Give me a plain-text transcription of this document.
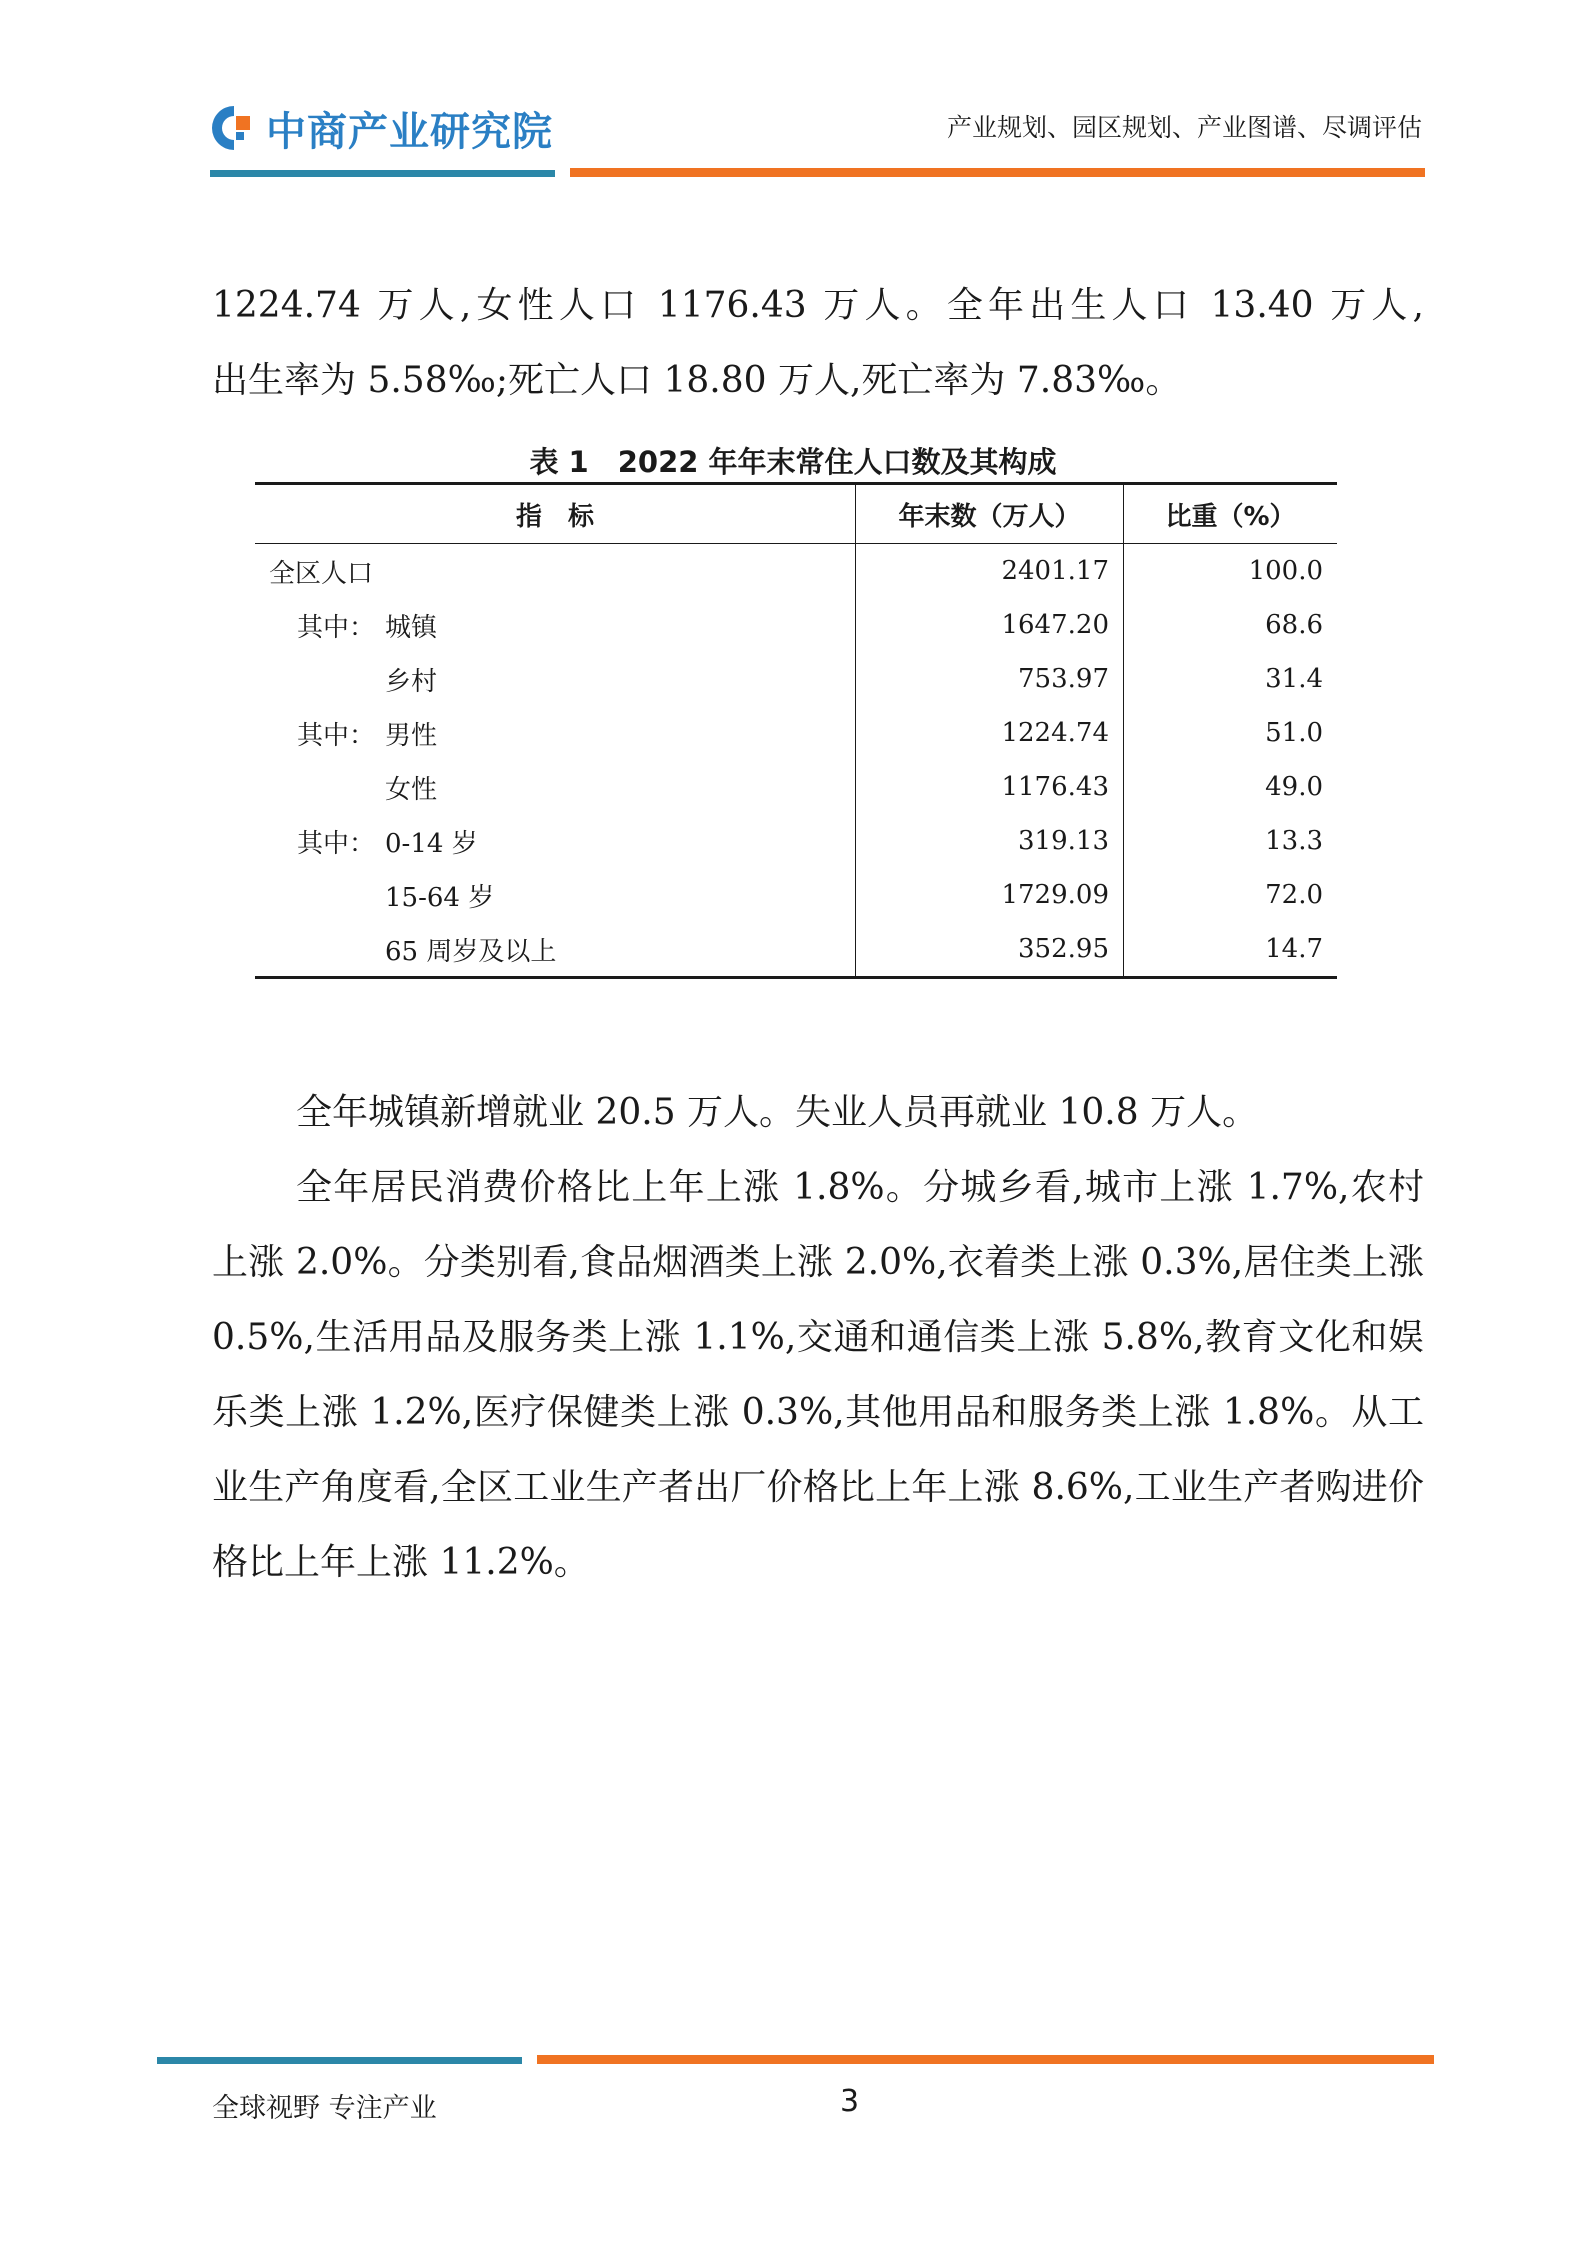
中商产业研究院	产业规划、园区规划、产业图谱、尽调评估

1224.74 万人,女性人口 1176.43 万人。全年出生人口 13.40 万人,

出生率为 5.58‰;死亡人口 18.80 万人,死亡率为 7.83‰。

表 1　2022 年年末常住人口数及其构成
指　标	年末数（万人）	比重（%）
全区人口	2401.17	100.0
其中： 城镇	1647.20	68.6
乡村	753.97	31.4
其中： 男性	1224.74	51.0
女性	1176.43	49.0
其中： 0-14 岁	319.13	13.3
15-64 岁	1729.09	72.0
65 周岁及以上	352.95	14.7

全年城镇新增就业 20.5 万人。失业人员再就业 10.8 万人。

全年居民消费价格比上年上涨 1.8%。分城乡看,城市上涨 1.7%,农村上涨 2.0%。分类别看,食品烟酒类上涨 2.0%,衣着类上涨 0.3%,居住类上涨 0.5%,生活用品及服务类上涨 1.1%,交通和通信类上涨 5.8%,教育文化和娱乐类上涨 1.2%,医疗保健类上涨 0.3%,其他用品和服务类上涨 1.8%。从工业生产角度看,全区工业生产者出厂价格比上年上涨 8.6%,工业生产者购进价格比上年上涨 11.2%。

全球视野 专注产业	3
